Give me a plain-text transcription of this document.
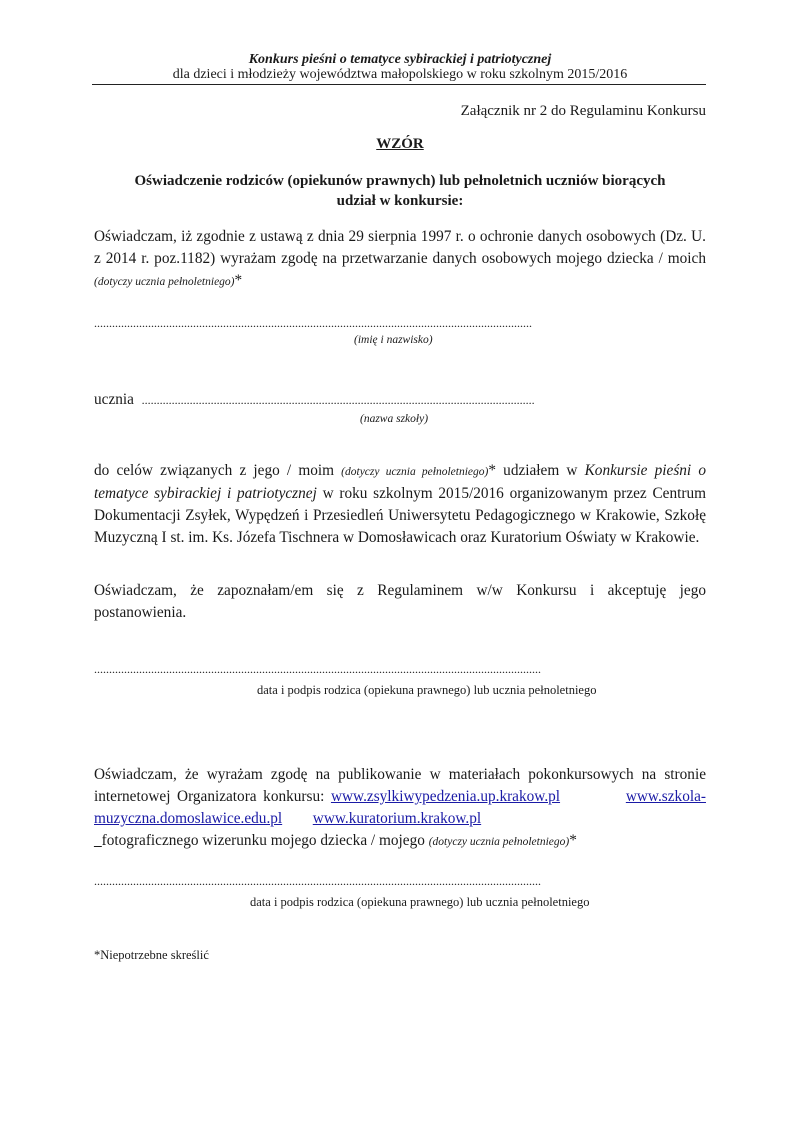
Konkurs pieśni o tematyce sybirackiej i patriotycznej
dla dzieci i młodzieży województwa małopolskiego w roku szkolnym 2015/2016
Załącznik nr 2 do Regulaminu Konkursu
WZÓR
Oświadczenie rodziców (opiekunów prawnych) lub pełnoletnich uczniów biorących
udział w konkursie:
Oświadczam, iż zgodnie z ustawą z dnia 29 sierpnia 1997 r. o ochronie danych osobowych (Dz. U. z 2014 r. poz.1182) wyrażam zgodę na przetwarzanie danych osobowych mojego dziecka / moich (dotyczy ucznia pełnoletniego)*
..................................................................................................................................................
(imię i nazwisko)
ucznia ...................................................................................................................................
(nazwa szkoły)
do celów związanych z jego / moim (dotyczy ucznia pełnoletniego)* udziałem w Konkursie pieśni o tematyce sybirackiej i patriotycznej w roku szkolnym 2015/2016 organizowanym przez Centrum Dokumentacji Zsyłek, Wypędzeń i Przesiedleń Uniwersytetu Pedagogicznego w Krakowie, Szkołę Muzyczną I st. im. Ks. Józefa Tischnera w Domosławicach oraz Kuratorium Oświaty w Krakowie.
Oświadczam, że zapoznałam/em się z Regulaminem w/w Konkursu i akceptuję jego postanowienia.
.....................................................................................................................................................
data i podpis rodzica (opiekuna prawnego) lub ucznia pełnoletniego
Oświadczam, że wyrażam zgodę na publikowanie w materiałach pokonkursowych na stronie internetowej Organizatora konkursu: www.zsylkiwypedzenia.up.krakow.pl	www.szkola-muzyczna.domoslawice.edu.pl www.kuratorium.krakow.pl
_fotograficznego wizerunku mojego dziecka / mojego (dotyczy ucznia pełnoletniego)*
.....................................................................................................................................................
data i podpis rodzica (opiekuna prawnego) lub ucznia pełnoletniego
*Niepotrzebne skreślić
